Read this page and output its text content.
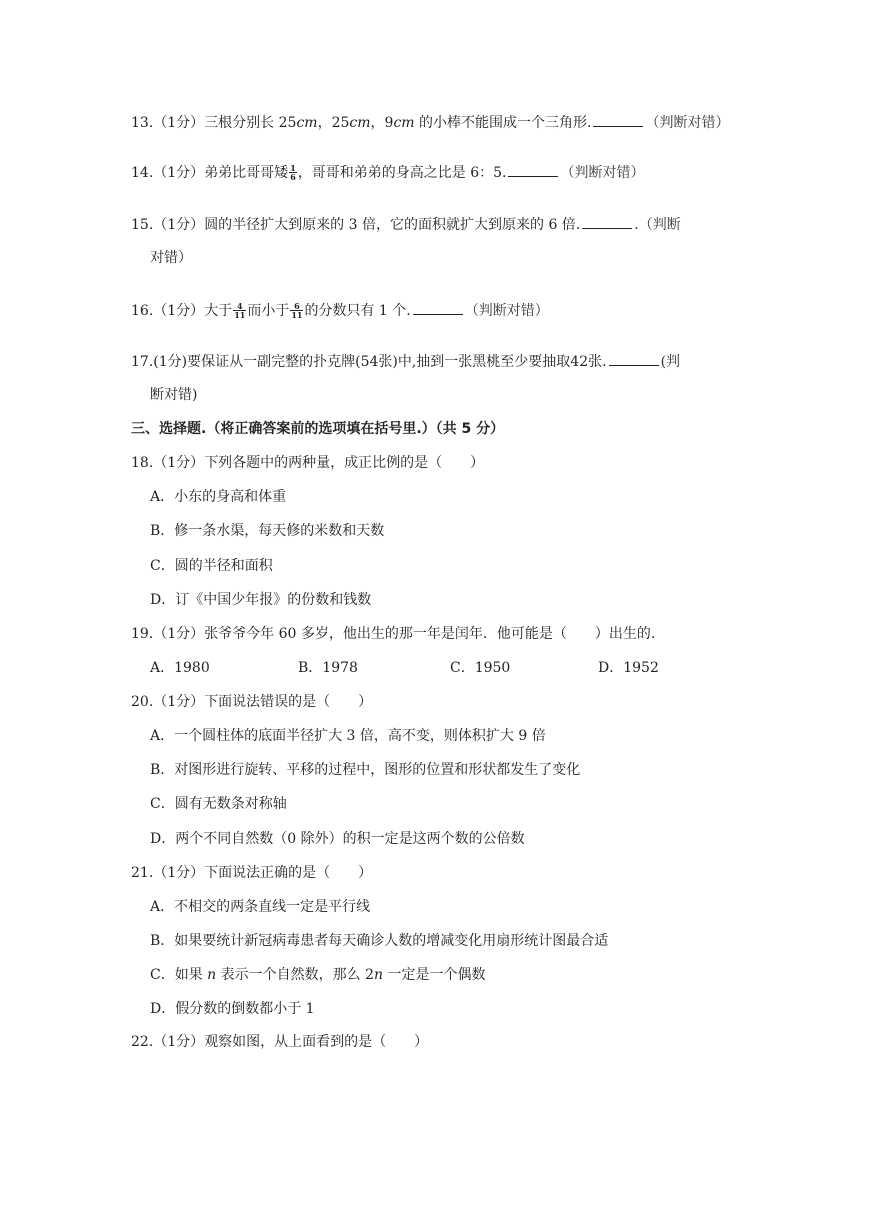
13.（1分）三根分别长 25cm，25cm，9cm 的小棒不能围成一个三角形.	（判断对错）
14.（1分）弟弟比哥哥矮 $\frac{1}{6}$ ，哥哥和弟弟的身高之比是 6：5.	（判断对错）
15.（1分）圆的半径扩大到原来的 3 倍，它的面积就扩大到原来的 6 倍.	.（判断
对错）
16.（1分）大于 $\frac{4}{11}$ 而小于 $\frac{6}{11}$ 的分数只有 1 个.	（判断对错）
17.(1分)要保证从一副完整的扑克牌(54张)中,抽到一张黑桃至少要抽取42张.	(判
断对错)
三、选择题.（将正确答案前的选项填在括号里.）（共 5 分）
18.（1分）下列各题中的两种量，成正比例的是（　　）
A．小东的身高和体重
B．修一条水渠，每天修的米数和天数
C．圆的半径和面积
D．订《中国少年报》的份数和钱数
19.（1分）张爷爷今年 60 多岁，他出生的那一年是闰年．他可能是（　　）出生的.
A．1980	B．1978	C．1950	D．1952
20.（1分）下面说法错误的是（　　）
A．一个圆柱体的底面半径扩大 3 倍，高不变，则体积扩大 9 倍
B．对图形进行旋转、平移的过程中，图形的位置和形状都发生了变化
C．圆有无数条对称轴
D．两个不同自然数（0 除外）的积一定是这两个数的公倍数
21.（1分）下面说法正确的是（　　）
A．不相交的两条直线一定是平行线
B．如果要统计新冠病毒患者每天确诊人数的增减变化用扇形统计图最合适
C．如果 n 表示一个自然数，那么 2n 一定是一个偶数
D．假分数的倒数都小于 1
22.（1分）观察如图，从上面看到的是（　　）
